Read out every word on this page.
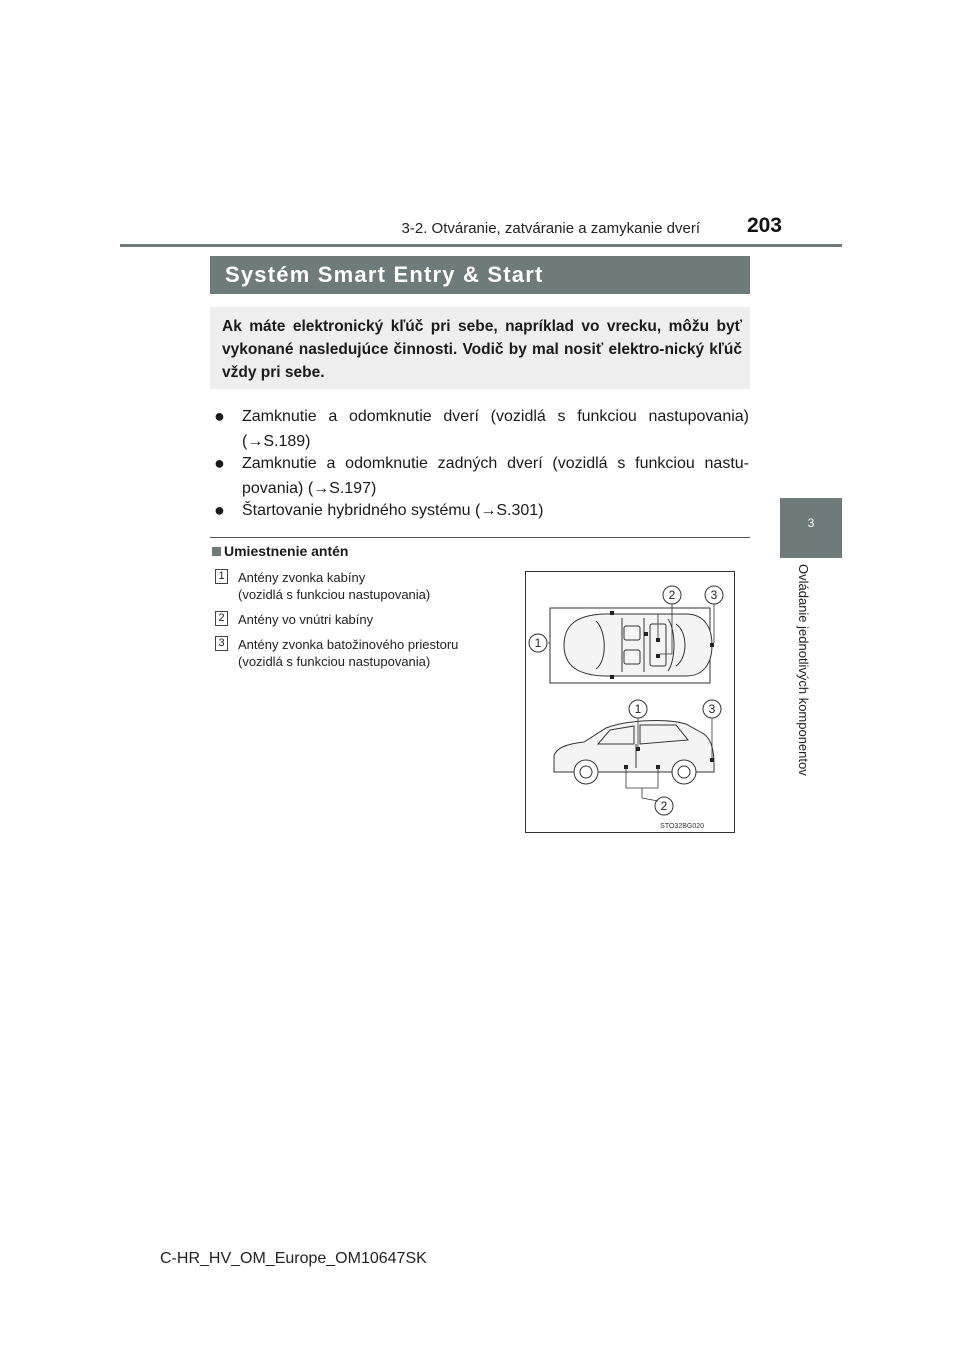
3-2. Otváranie, zatváranie a zamykanie dverí	203
3
Ovládanie jednotlivých komponentov
Systém Smart Entry & Start
Ak máte elektronický kľúč pri sebe, napríklad vo vrecku, môžu byť vykonané nasledujúce činnosti. Vodič by mal nosiť elektro-nický kľúč vždy pri sebe.
● Zamknutie a odomknutie dverí (vozidlá s funkciou nastupovania) (→S.189)
● Zamknutie a odomknutie zadných dverí (vozidlá s funkciou nastu-povania) (→S.197)
● Štartovanie hybridného systému (→S.301)
Umiestnenie antén
1 Antény zvonka kabíny
(vozidlá s funkciou nastupovania)
2 Antény vo vnútri kabíny
3 Antény zvonka batožinového priestoru
(vozidlá s funkciou nastupovania)
2	3
1
1	3
2
STO32BG020
C-HR_HV_OM_Europe_OM10647SK
